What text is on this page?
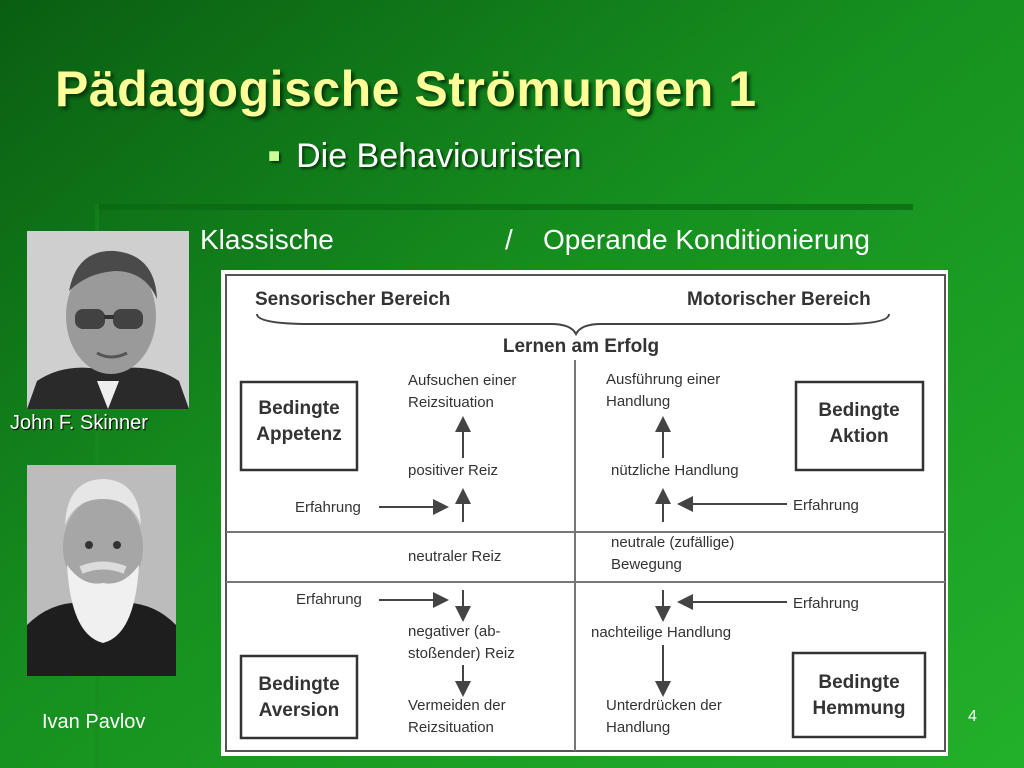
Pädagogische Strömungen 1
■ Die Behaviouristen
Klassische	/ Operande Konditionierung
John F. Skinner
Ivan Pavlov
Sensorischer Bereich	Motorischer Bereich
Lernen am Erfolg
Bedingte
Appetenz
Bedingte
Aktion
Bedingte
Aversion
Bedingte
Hemmung
Aufsuchen einer
Reizsituation
positiver Reiz
Erfahrung
neutraler Reiz
Erfahrung
negativer (ab-
stoßender) Reiz
Vermeiden der
Reizsituation
Ausführung einer
Handlung
nützliche Handlung
Erfahrung
neutrale (zufällige)
Bewegung
Erfahrung
nachteilige Handlung
Unterdrücken der
Handlung
4
